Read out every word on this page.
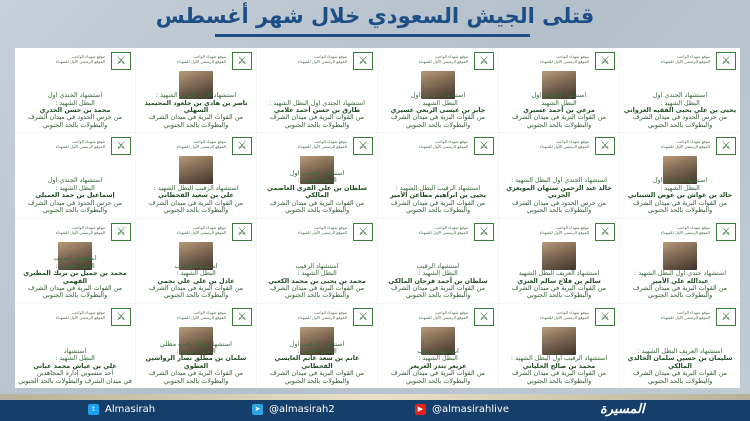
قتلى الجيش السعودي خلال شهر أغسطس
⚔
موقع شهداء الواجب
الموقع الرسمي الأول للشهداء
استشهاد الجندي اول
البطل الشهيد :
يحيى بن علي يحيى الفقيه الغزواني
من حرس الحدود في ميدان الشرف
والبطولات بالحد الجنوبي
⚔
موقع شهداء الواجب
الموقع الرسمي الأول للشهداء
استشهاد الرقيب اول
البطل الشهيد
مرعي بن أحمد عسيري
من القوات البرية في ميدان الشرف
والبطولات بالحد الجنوبي
⚔
موقع شهداء الواجب
الموقع الرسمي الأول للشهداء
استشهاد الجندي اول
البطل الشهيد :
جابر بن عيسى الربعي عسيري
من القوات البرية في ميدان الشرف
والبطولات بالحد الجنوبي
⚔
موقع شهداء الواجب
الموقع الرسمي الأول للشهداء
استشهاد الجندي اول البطل الشهيد :
طارق بن حسن أحمد علامي
من القوات البرية في ميدان الشرف
والبطولات بالحد الجنوبي
⚔
موقع شهداء الواجب
الموقع الرسمي الأول للشهداء
استشهاد الرائد البطل الشهيد :
ناصر بن هادي بن جلعود المحيميد السهلي
من القوات البرية في ميدان الشرف
والبطولات بالحد الجنوبي
⚔
موقع شهداء الواجب
الموقع الرسمي الأول للشهداء
استشهاد الجندي اول
البطل الشهيد :
محمد بن حسن الحدري
من حرس الحدود في ميدان الشرف
والبطولات بالحد الجنوبي
⚔
موقع شهداء الواجب
الموقع الرسمي الأول للشهداء
استشهاد الجندي اول
البطل الشهيد :
خالد بن غواش بن عوض الشيباني
من القوات البرية في ميدان الشرف
والبطولات بالحد الجنوبي
⚔
موقع شهداء الواجب
الموقع الرسمي الأول للشهداء
استشهاد الجندي اول البطل الشهيد :
خالد عبد الرحمن سنهان المويعزي الحربي
من حرس الحدود في ميدان الشرف
والبطولات بالحد الجنوبي
⚔
موقع شهداء الواجب
الموقع الرسمي الأول للشهداء
استشهاد الرقيب البطل الشهيد :
يحيى بن ابراهيم مطاعن الأمير
من القوات البرية في ميدان الشرف
والبطولات بالحد الجنوبي
⚔
موقع شهداء الواجب
الموقع الرسمي الأول للشهداء
استشهاد الجندي اول
البطل الشهيد :
سلطان بن علي الفري العاصمي المالكي
من القوات البرية في ميدان الشرف
والبطولات بالحد الجنوبي
⚔
موقع شهداء الواجب
الموقع الرسمي الأول للشهداء
استشهاد الرقيب البطل الشهيد :
علي بن سعيد القحطاني
من القوات البرية في ميدان الشرف
والبطولات بالحد الجنوبي
⚔
موقع شهداء الواجب
الموقع الرسمي الأول للشهداء
استشهاد الجندي اول
البطل الشهيد :
إسماعيل بن حمد العميلي
من حرس الحدود في ميدان الشرف
والبطولات بالحد الجنوبي
⚔
موقع شهداء الواجب
الموقع الرسمي الأول للشهداء
استشهاد جندي اول البطل الشهيد :
عبدالله علي الأمير
من القوات البرية في ميدان الشرف
والبطولات بالحد الجنوبي
⚔
موقع شهداء الواجب
الموقع الرسمي الأول للشهداء
استشهاد العريف البطل الشهيد
سالم بن فلاج سالم العنزي
من القوات البرية في ميدان الشرف
والبطولات بالحد الجنوبي
⚔
موقع شهداء الواجب
الموقع الرسمي الأول للشهداء
استشهاد الرقيب
البطل الشهيد :
سلطان بن أحمد فرحان المالكي
من القوات البرية في ميدان الشرف
والبطولات بالحد الجنوبي
⚔
موقع شهداء الواجب
الموقع الرسمي الأول للشهداء
استشهاد الرقيب
البطل الشهيد :
محمد بن يحيى بن محمد الكعبي
من القوات البرية في ميدان الشرف
والبطولات بالحد الجنوبي
⚔
موقع شهداء الواجب
الموقع الرسمي الأول للشهداء
استشهاد الرقيب
البطل الشهيد :
عادل بن علي علي نجمي
من القوات البرية في ميدان الشرف
والبطولات بالحد الجنوبي
⚔
موقع شهداء الواجب
الموقع الرسمي الأول للشهداء
استشهاد العريف
البطل الشهيد :
محمد بن جميل بن بريك المطيري الفهمي
من القوات البرية في ميدان الشرف
والبطولات بالحد الجنوبي
⚔
موقع شهداء الواجب
الموقع الرسمي الأول للشهداء
استشهاد العريف البطل الشهيد :
سليمان بن حسين سلمان الخالدي المالكي
من القوات البرية في ميدان الشرف
والبطولات بالحد الجنوبي
⚔
موقع شهداء الواجب
الموقع الرسمي الأول للشهداء
استشهاد الرقيب اول البطل الشهيد :
محمد بن صالح الحلياني
من القوات البرية في ميدان الشرف
والبطولات بالحد الجنوبي
⚔
موقع شهداء الواجب
الموقع الرسمي الأول للشهداء
استشهاد النقيب
البطل الشهيد :
عريعر بندر العريعر
من القوات البرية في ميدان الشرف
والبطولات بالحد الجنوبي
⚔
موقع شهداء الواجب
الموقع الرسمي الأول للشهداء
استشهاد الرقيب اول
البطل الشهيد :
غانم بن سعد غانم العايسي القحطاني
من القوات البرية في ميدان الشرف
والبطولات بالحد الجنوبي
⚔
موقع شهداء الواجب
الموقع الرسمي الأول للشهداء
استشهاد وكيل رقيب مظلي
البطل الشهيد :
سلمان بن مطلق نصار الرواشين العطوي
من القوات البرية في ميدان الشرف
والبطولات بالحد الجنوبي
⚔
موقع شهداء الواجب
الموقع الرسمي الأول للشهداء
استشهاد
البطل الشهيد :
علي بن عياش محمد عباتي
أحد منسوبي إدارة المجاهدين
في ميدان الشرف والبطولات بالحد الجنوبي
t	Almasirah	➤ @almasirah2	▶ @almasirahlive	المسيرة
